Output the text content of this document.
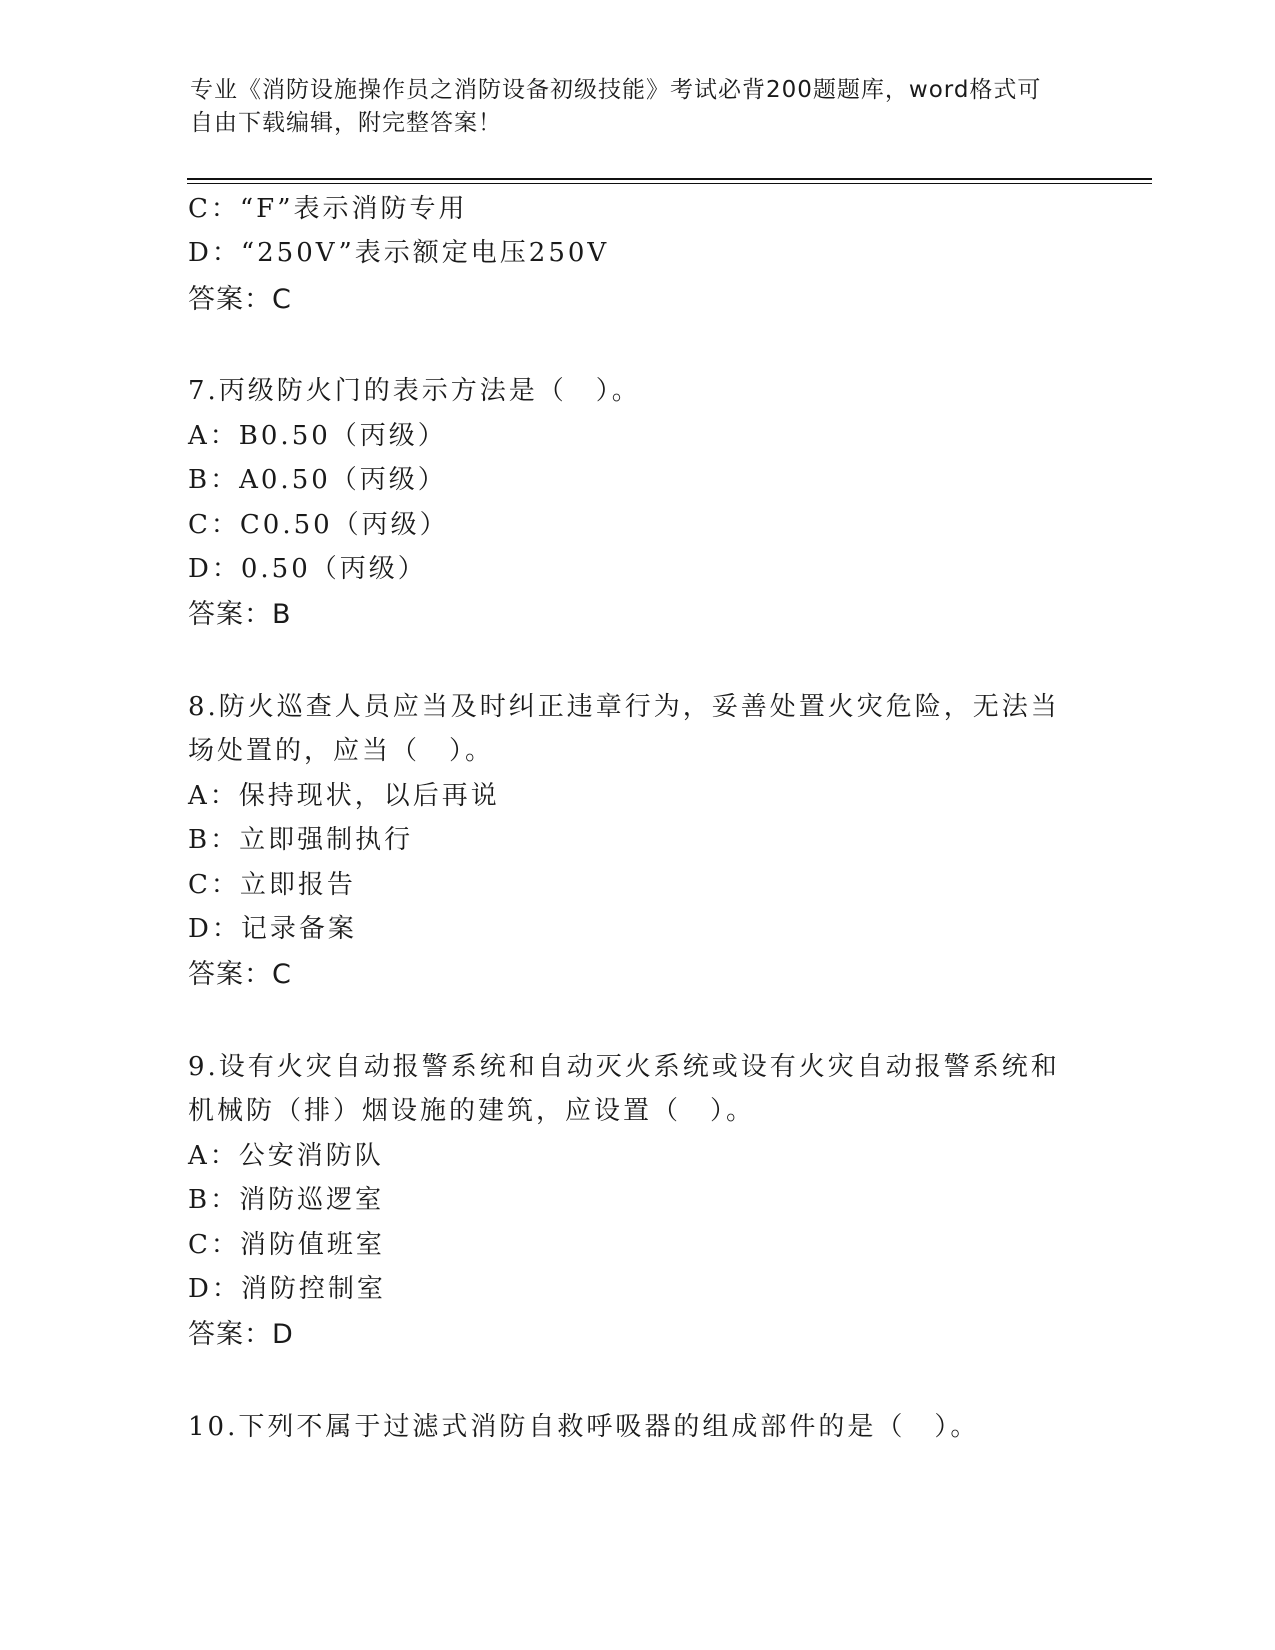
专业《消防设施操作员之消防设备初级技能》考试必背200题题库，word格式可
自由下载编辑，附完整答案！
C：“F”表示消防专用
D：“250V”表示额定电压250V
答案：C
7.丙级防火门的表示方法是（　）。
A：B0.50（丙级）
B：A0.50（丙级）
C：C0.50（丙级）
D：0.50（丙级）
答案：B
8.防火巡查人员应当及时纠正违章行为，妥善处置火灾危险，无法当
场处置的，应当（　）。
A：保持现状，以后再说
B：立即强制执行
C：立即报告
D：记录备案
答案：C
9.设有火灾自动报警系统和自动灭火系统或设有火灾自动报警系统和
机械防（排）烟设施的建筑，应设置（　）。
A：公安消防队
B：消防巡逻室
C：消防值班室
D：消防控制室
答案：D
10.下列不属于过滤式消防自救呼吸器的组成部件的是（　）。
